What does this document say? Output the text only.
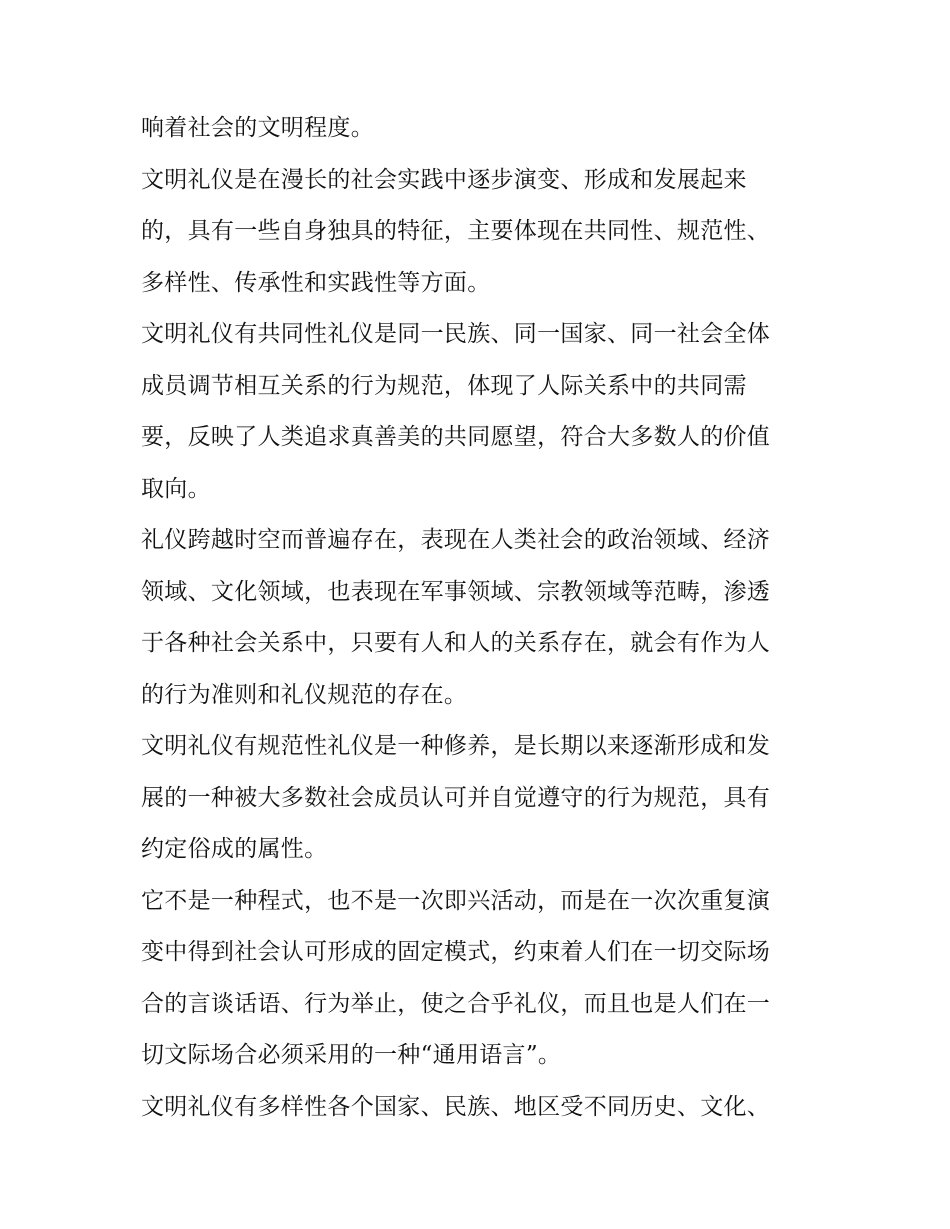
响着社会的文明程度。
文明礼仪是在漫长的社会实践中逐步演变、形成和发展起来
的，具有一些自身独具的特征，主要体现在共同性、规范性、
多样性、传承性和实践性等方面。
文明礼仪有共同性礼仪是同一民族、同一国家、同一社会全体
成员调节相互关系的行为规范，体现了人际关系中的共同需
要，反映了人类追求真善美的共同愿望，符合大多数人的价值
取向。
礼仪跨越时空而普遍存在，表现在人类社会的政治领域、经济
领域、文化领域，也表现在军事领域、宗教领域等范畴，渗透
于各种社会关系中，只要有人和人的关系存在，就会有作为人
的行为准则和礼仪规范的存在。
文明礼仪有规范性礼仪是一种修养，是长期以来逐渐形成和发
展的一种被大多数社会成员认可并自觉遵守的行为规范，具有
约定俗成的属性。
它不是一种程式，也不是一次即兴活动，而是在一次次重复演
变中得到社会认可形成的固定模式，约束着人们在一切交际场
合的言谈话语、行为举止，使之合乎礼仪，而且也是人们在一
切文际场合必须采用的一种“通用语言”。
文明礼仪有多样性各个国家、民族、地区受不同历史、文化、
